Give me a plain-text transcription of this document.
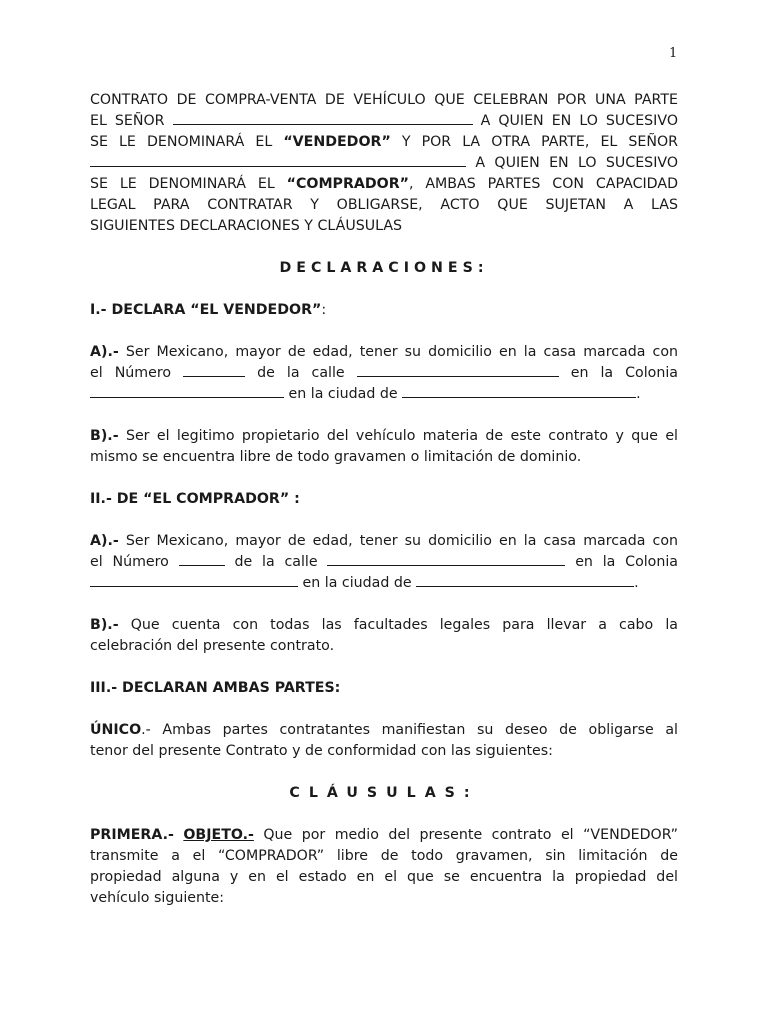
1
CONTRATO DE COMPRA-VENTA DE VEHÍCULO QUE CELEBRAN POR UNA PARTE
EL SEÑOR	A QUIEN EN LO SUCESIVO
SE LE DENOMINARÁ EL “VENDEDOR” Y POR LA OTRA PARTE, EL SEÑOR
A QUIEN EN LO SUCESIVO
SE LE DENOMINARÁ EL “COMPRADOR”, AMBAS PARTES CON CAPACIDAD
LEGAL PARA CONTRATAR Y OBLIGARSE, ACTO QUE SUJETAN A LAS
SIGUIENTES DECLARACIONES Y CLÁUSULAS
DECLARACIONES:
I.- DECLARA “EL VENDEDOR”:
A).- Ser Mexicano, mayor de edad, tener su domicilio en la casa marcada con
el Número	de la calle	en la Colonia
en la ciudad de	.
B).- Ser el legitimo propietario del vehículo materia de este contrato y que el
mismo se encuentra libre de todo gravamen o limitación de dominio.
II.- DE “EL COMPRADOR” :
A).- Ser Mexicano, mayor de edad, tener su domicilio en la casa marcada con
el Número	de la calle	en la Colonia
en la ciudad de	.
B).- Que cuenta con todas las facultades legales para llevar a cabo la
celebración del presente contrato.
III.- DECLARAN AMBAS PARTES:
ÚNICO.- Ambas partes contratantes manifiestan su deseo de obligarse al
tenor del presente Contrato y de conformidad con las siguientes:
CLÁUSULAS:
PRIMERA.- OBJETO.- Que por medio del presente contrato el “VENDEDOR”
transmite a el “COMPRADOR” libre de todo gravamen, sin limitación de
propiedad alguna y en el estado en el que se encuentra la propiedad del
vehículo siguiente:
